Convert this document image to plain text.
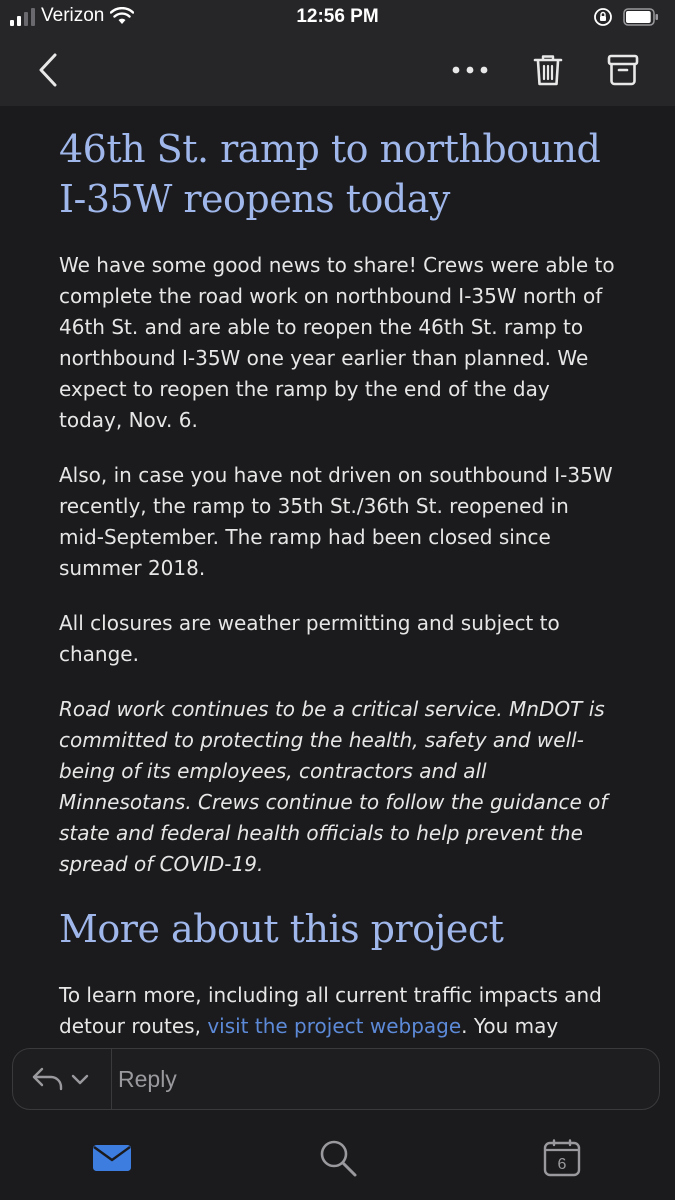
Verizon	12:56 PM
46th St. ramp to northbound I-35W reopens today

We have some good news to share! Crews were able to complete the road work on northbound I-35W north of 46th St. and are able to reopen the 46th St. ramp to northbound I-35W one year earlier than planned. We expect to reopen the ramp by the end of the day today, Nov. 6.

Also, in case you have not driven on southbound I-35W recently, the ramp to 35th St./36th St. reopened in mid-September. The ramp had been closed since summer 2018.

All closures are weather permitting and subject to change.

Road work continues to be a critical service. MnDOT is committed to protecting the health, safety and well-being of its employees, contractors and all Minnesotans. Crews continue to follow the guidance of state and federal health officials to help prevent the spread of COVID-19.

More about this project

To learn more, including all current traffic impacts and detour routes, visit the project webpage. You may

Reply
6
